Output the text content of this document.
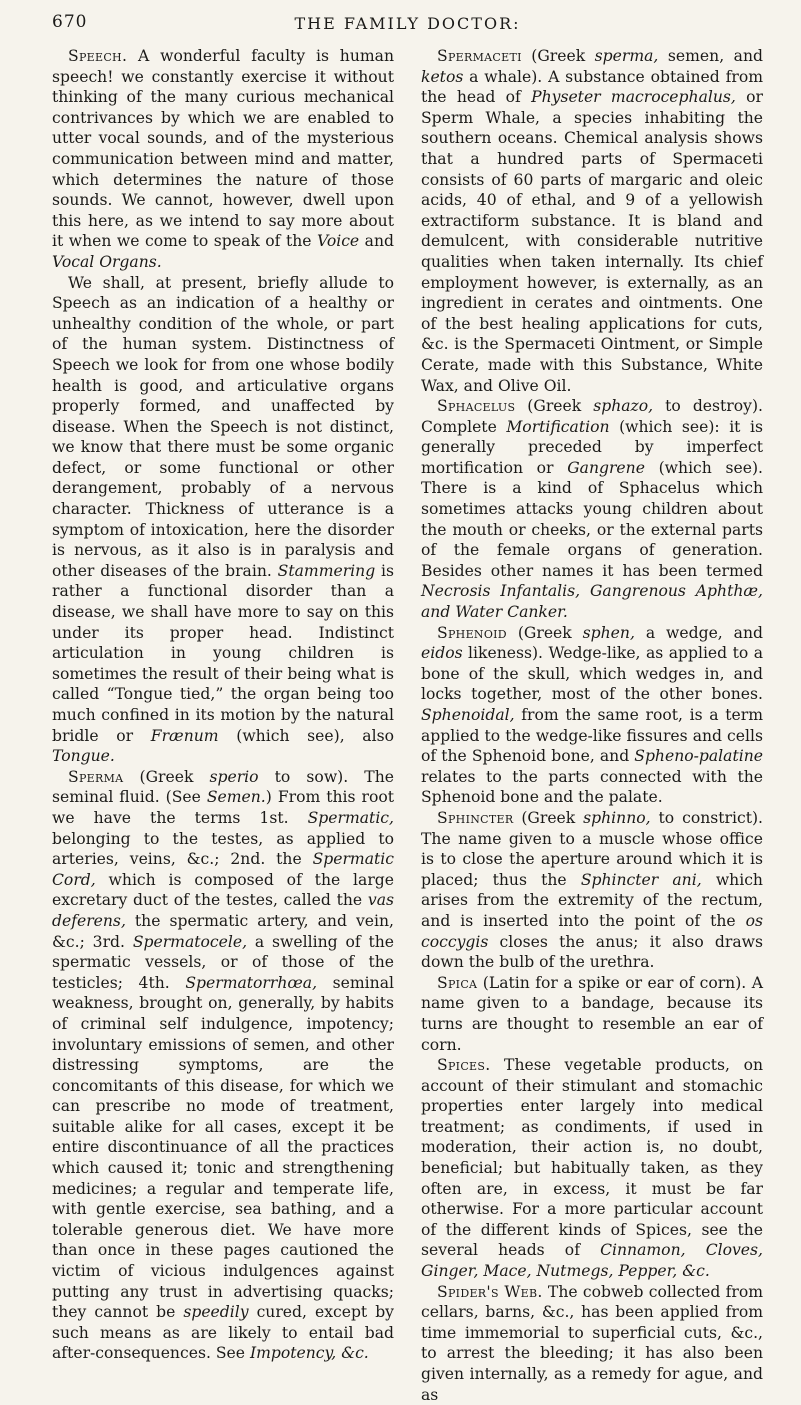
670	THE FAMILY DOCTOR:

Speech. A wonderful faculty is human speech! we constantly exercise it without thinking of the many curious mechanical contrivances by which we are enabled to utter vocal sounds, and of the mysterious communication between mind and matter, which determines the nature of those sounds. We cannot, however, dwell upon this here, as we intend to say more about it when we come to speak of the Voice and Vocal Organs.

We shall, at present, briefly allude to Speech as an indication of a healthy or unhealthy condition of the whole, or part of the human system. Distinctness of Speech we look for from one whose bodily health is good, and articulative organs properly formed, and unaffected by disease. When the Speech is not distinct, we know that there must be some organic defect, or some functional or other derangement, probably of a nervous character. Thickness of utterance is a symptom of intoxication, here the disorder is nervous, as it also is in paralysis and other diseases of the brain. Stammering is rather a functional disorder than a disease, we shall have more to say on this under its proper head. Indistinct articulation in young children is sometimes the result of their being what is called “Tongue tied,” the organ being too much confined in its motion by the natural bridle or Frænum (which see), also Tongue.

Sperma (Greek sperio to sow). The seminal fluid. (See Semen.) From this root we have the terms 1st. Spermatic, belonging to the testes, as applied to arteries, veins, &c.; 2nd. the Spermatic Cord, which is composed of the large excretary duct of the testes, called the vas deferens, the spermatic artery, and vein, &c.; 3rd. Spermatocele, a swelling of the spermatic vessels, or of those of the testicles; 4th. Spermatorrhœa, seminal weakness, brought on, generally, by habits of criminal self indulgence, impotency; involuntary emissions of semen, and other distressing symptoms, are the concomitants of this disease, for which we can prescribe no mode of treatment, suitable alike for all cases, except it be entire discontinuance of all the practices which caused it; tonic and strengthening medicines; a regular and temperate life, with gentle exercise, sea bathing, and a tolerable generous diet. We have more than once in these pages cautioned the victim of vicious indulgences against putting any trust in advertising quacks; they cannot be speedily cured, except by such means as are likely to entail bad after-consequences. See Impotency, &c.

Spermaceti (Greek sperma, semen, and ketos a whale). A substance obtained from the head of Physeter macrocephalus, or Sperm Whale, a species inhabiting the southern oceans. Chemical analysis shows that a hundred parts of Spermaceti consists of 60 parts of margaric and oleic acids, 40 of ethal, and 9 of a yellowish extractiform substance. It is bland and demulcent, with considerable nutritive qualities when taken internally. Its chief employment however, is externally, as an ingredient in cerates and ointments. One of the best healing applications for cuts, &c. is the Spermaceti Ointment, or Simple Cerate, made with this Substance, White Wax, and Olive Oil.

Sphacelus (Greek sphazo, to destroy). Complete Mortification (which see): it is generally preceded by imperfect mortification or Gangrene (which see). There is a kind of Sphacelus which sometimes attacks young children about the mouth or cheeks, or the external parts of the female organs of generation. Besides other names it has been termed Necrosis Infantalis, Gangrenous Aphthæ, and Water Canker.

Sphenoid (Greek sphen, a wedge, and eidos likeness). Wedge-like, as applied to a bone of the skull, which wedges in, and locks together, most of the other bones. Sphenoidal, from the same root, is a term applied to the wedge-like fissures and cells of the Sphenoid bone, and Spheno-palatine relates to the parts connected with the Sphenoid bone and the palate.

Sphincter (Greek sphinno, to constrict). The name given to a muscle whose office is to close the aperture around which it is placed; thus the Sphincter ani, which arises from the extremity of the rectum, and is inserted into the point of the os coccygis closes the anus; it also draws down the bulb of the urethra.

Spica (Latin for a spike or ear of corn). A name given to a bandage, because its turns are thought to resemble an ear of corn.

Spices. These vegetable products, on account of their stimulant and stomachic properties enter largely into medical treatment; as condiments, if used in moderation, their action is, no doubt, beneficial; but habitually taken, as they often are, in excess, it must be far otherwise. For a more particular account of the different kinds of Spices, see the several heads of Cinnamon, Cloves, Ginger, Mace, Nutmegs, Pepper, &c.

Spider's Web. The cobweb collected from cellars, barns, &c., has been applied from time immemorial to superficial cuts, &c., to arrest the bleeding; it has also been given internally, as a remedy for ague, and as
